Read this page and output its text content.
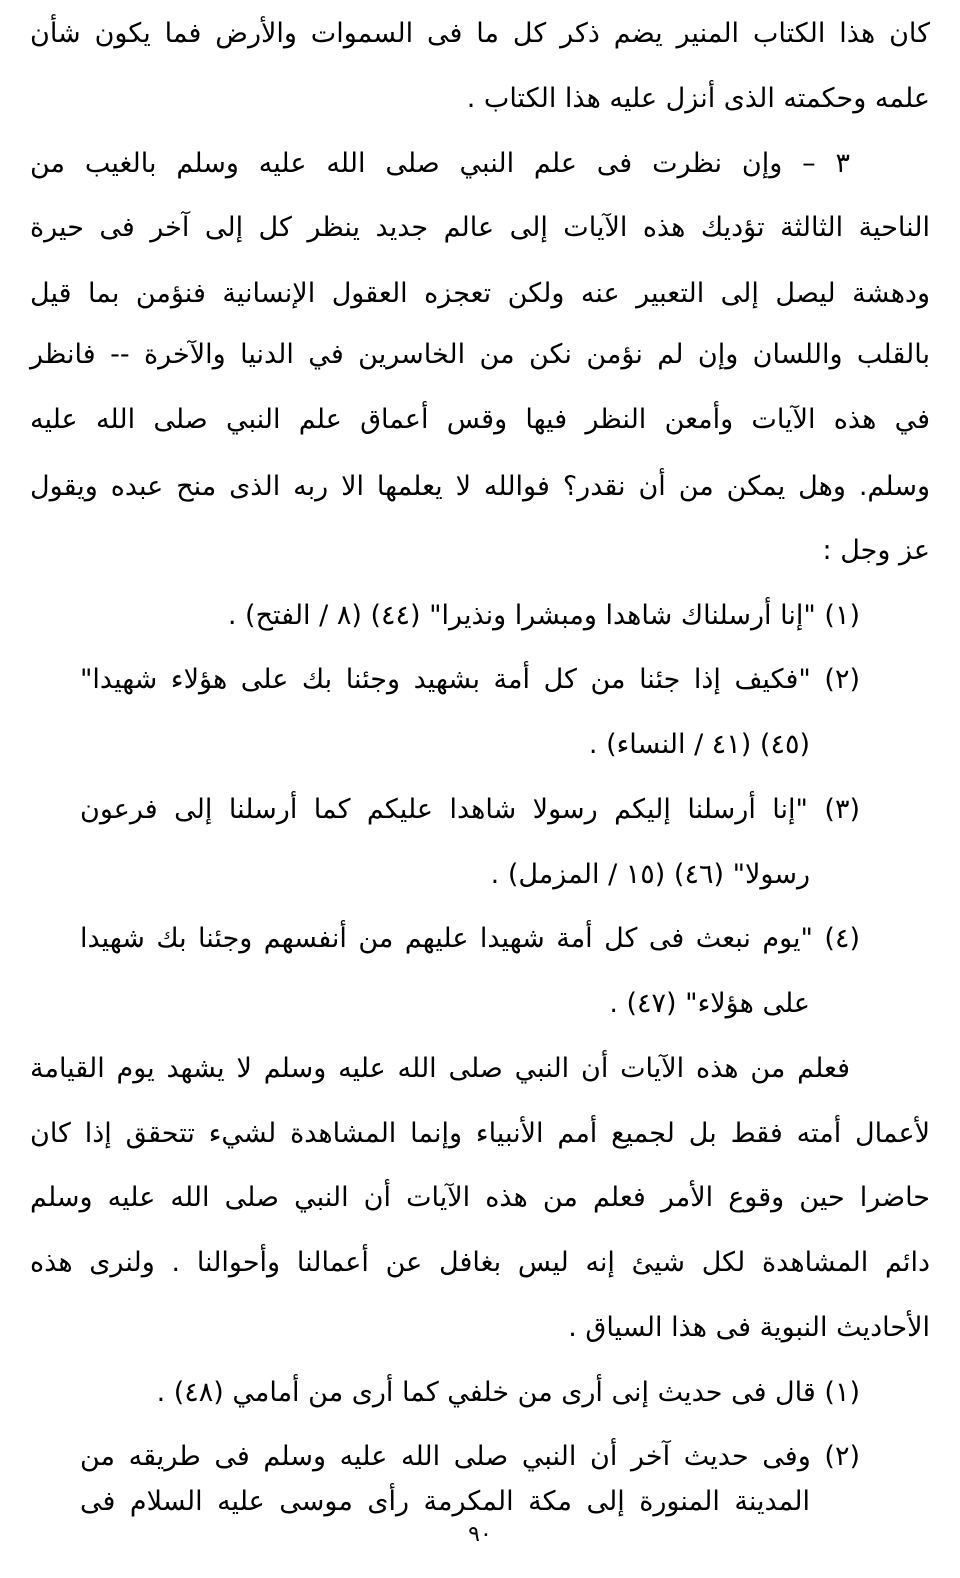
كان هذا الكتاب المنير يضم ذكر كل ما فى السموات والأرض فما يكون شأن
علمه وحكمته الذى أنزل عليه هذا الكتاب .
٣ – وإن نظرت فى علم النبي صلى الله عليه وسلم بالغيب من
الناحية الثالثة تؤديك هذه الآيات إلى عالم جديد ينظر كل إلى آخر فى حيرة
ودهشة ليصل إلى التعبير عنه ولكن تعجزه العقول الإنسانية فنؤمن بما قيل
بالقلب واللسان وإن لم نؤمن نكن من الخاسرين في الدنيا والآخرة -- فانظر
في هذه الآيات وأمعن النظر فيها وقس أعماق علم النبي صلى الله عليه
وسلم. وهل يمكن من أن نقدر؟ فوالله لا يعلمها الا ربه الذى منح عبده ويقول
عز وجل :
(١) "إنا أرسلناك شاهدا ومبشرا ونذيرا" (٤٤) (٨ / الفتح) .
(٢) "فكيف إذا جئنا من كل أمة بشهيد وجئنا بك على هؤلاء شهيدا"
(٤٥) (٤١ / النساء) .
(٣) "إنا أرسلنا إليكم رسولا شاهدا عليكم كما أرسلنا إلى فرعون
رسولا" (٤٦) (١٥ / المزمل) .
(٤) "يوم نبعث فى كل أمة شهيدا عليهم من أنفسهم وجئنا بك شهيدا
على هؤلاء" (٤٧) .
فعلم من هذه الآيات أن النبي صلى الله عليه وسلم لا يشهد يوم القيامة
لأعمال أمته فقط بل لجميع أمم الأنبياء وإنما المشاهدة لشيء تتحقق إذا كان
حاضرا حين وقوع الأمر فعلم من هذه الآيات أن النبي صلى الله عليه وسلم
دائم المشاهدة لكل شيئ إنه ليس بغافل عن أعمالنا وأحوالنا . ولنرى هذه
الأحاديث النبوية فى هذا السياق .
(١) قال فى حديث إنى أرى من خلفي كما أرى من أمامي (٤٨) .
(٢) وفى حديث آخر أن النبي صلى الله عليه وسلم فى طريقه من
المدينة المنورة إلى مكة المكرمة رأى موسى عليه السلام فى
٩٠
